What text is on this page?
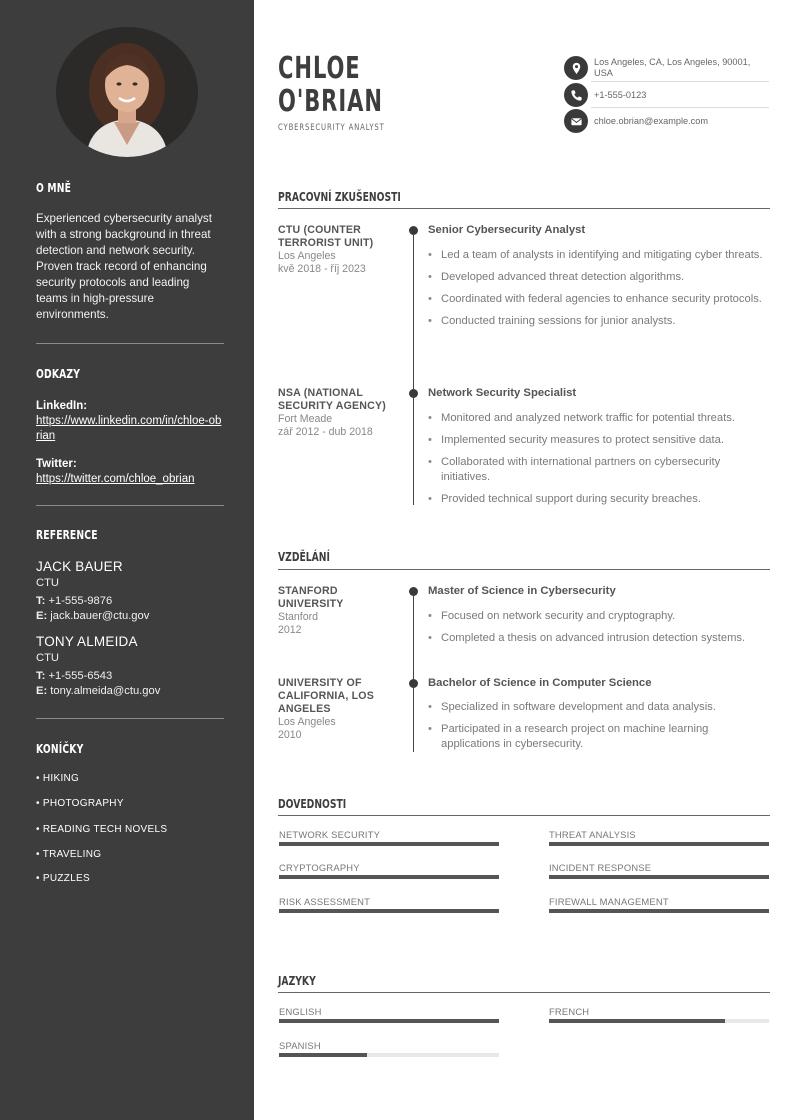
O MNĚ
Experienced cybersecurity analyst with a strong background in threat detection and network security. Proven track record of enhancing security protocols and leading teams in high-pressure environments.
ODKAZY
LinkedIn:
https://www.linkedin.com/in/chloe-obrian
Twitter:
https://twitter.com/chloe_obrian
REFERENCE
JACK BAUER
CTU
T: +1-555-9876
E: jack.bauer@ctu.gov
TONY ALMEIDA
CTU
T: +1-555-6543
E: tony.almeida@ctu.gov
KONÍČKY
• HIKING
• PHOTOGRAPHY
• READING TECH NOVELS
• TRAVELING
• PUZZLES
CHLOE
O'BRIAN
CYBERSECURITY ANALYST
Los Angeles, CA, Los Angeles, 90001, USA
+1-555-0123
chloe.obrian@example.com
PRACOVNÍ ZKUŠENOSTI
CTU (COUNTER TERRORIST UNIT)
Los Angeles
kvě 2018 - říj 2023
Senior Cybersecurity Analyst
• Led a team of analysts in identifying and mitigating cyber threats.
• Developed advanced threat detection algorithms.
• Coordinated with federal agencies to enhance security protocols.
• Conducted training sessions for junior analysts.
NSA (NATIONAL SECURITY AGENCY)
Fort Meade
zář 2012 - dub 2018
Network Security Specialist
• Monitored and analyzed network traffic for potential threats.
• Implemented security measures to protect sensitive data.
• Collaborated with international partners on cybersecurity initiatives.
• Provided technical support during security breaches.
VZDĚLÁNÍ
STANFORD UNIVERSITY
Stanford
2012
Master of Science in Cybersecurity
• Focused on network security and cryptography.
• Completed a thesis on advanced intrusion detection systems.
UNIVERSITY OF CALIFORNIA, LOS ANGELES
Los Angeles
2010
Bachelor of Science in Computer Science
• Specialized in software development and data analysis.
• Participated in a research project on machine learning applications in cybersecurity.
DOVEDNOSTI
NETWORK SECURITY	THREAT ANALYSIS
CRYPTOGRAPHY	INCIDENT RESPONSE
RISK ASSESSMENT	FIREWALL MANAGEMENT
JAZYKY
ENGLISH	FRENCH
SPANISH
